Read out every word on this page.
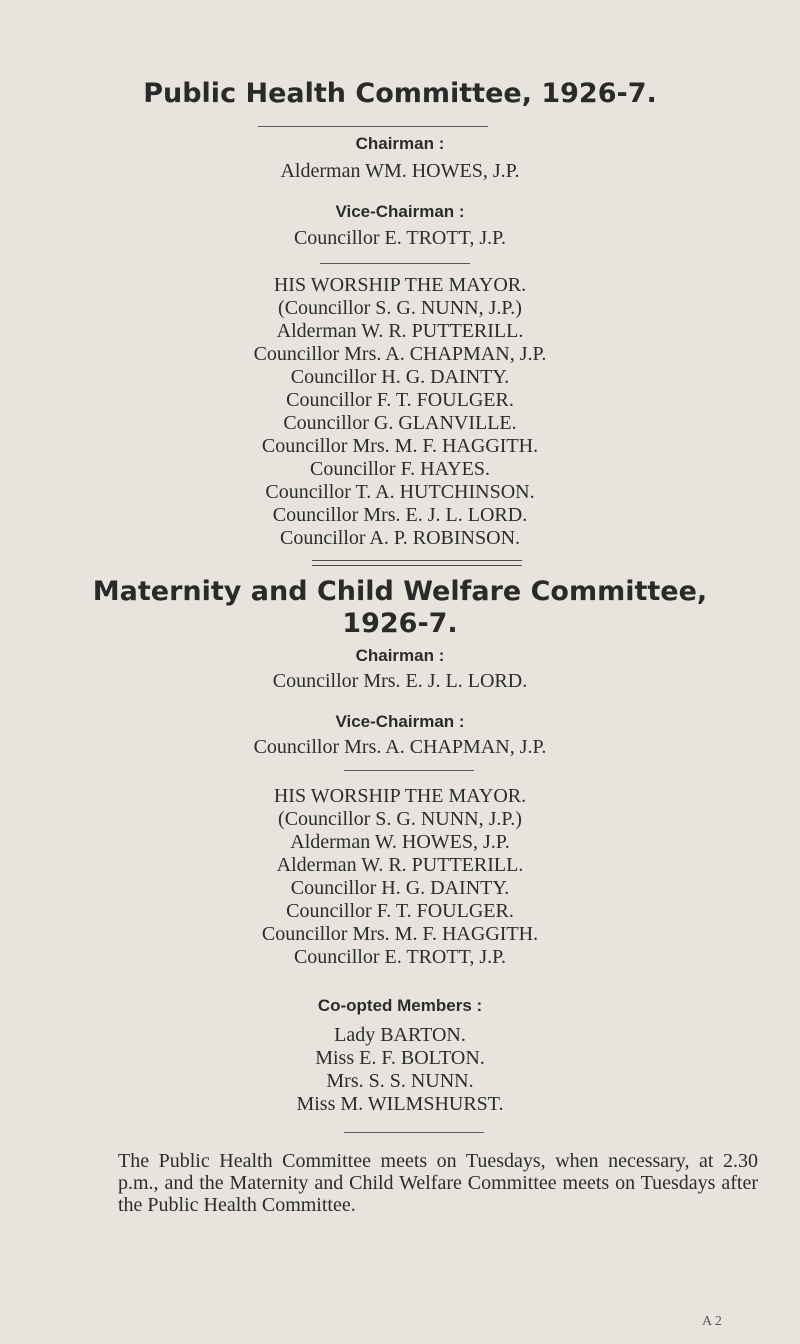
Public Health Committee, 1926-7.
Chairman :
Alderman WM. HOWES, J.P.
Vice-Chairman :
Councillor E. TROTT, J.P.
HIS WORSHIP THE MAYOR.
(Councillor S. G. NUNN, J.P.)
Alderman W. R. PUTTERILL.
Councillor Mrs. A. CHAPMAN, J.P.
Councillor H. G. DAINTY.
Councillor F. T. FOULGER.
Councillor G. GLANVILLE.
Councillor Mrs. M. F. HAGGITH.
Councillor F. HAYES.
Councillor T. A. HUTCHINSON.
Councillor Mrs. E. J. L. LORD.
Councillor A. P. ROBINSON.
Maternity and Child Welfare Committee,
1926-7.
Chairman :
Councillor Mrs. E. J. L. LORD.
Vice-Chairman :
Councillor Mrs. A. CHAPMAN, J.P.
HIS WORSHIP THE MAYOR.
(Councillor S. G. NUNN, J.P.)
Alderman W. HOWES, J.P.
Alderman W. R. PUTTERILL.
Councillor H. G. DAINTY.
Councillor F. T. FOULGER.
Councillor Mrs. M. F. HAGGITH.
Councillor E. TROTT, J.P.
Co-opted Members :
Lady BARTON.
Miss E. F. BOLTON.
Mrs. S. S. NUNN.
Miss M. WILMSHURST.
The Public Health Committee meets on Tuesdays, when necessary, at 2.30 p.m., and the Maternity and Child Welfare Committee meets on Tuesdays after the Public Health Committee.
A 2
